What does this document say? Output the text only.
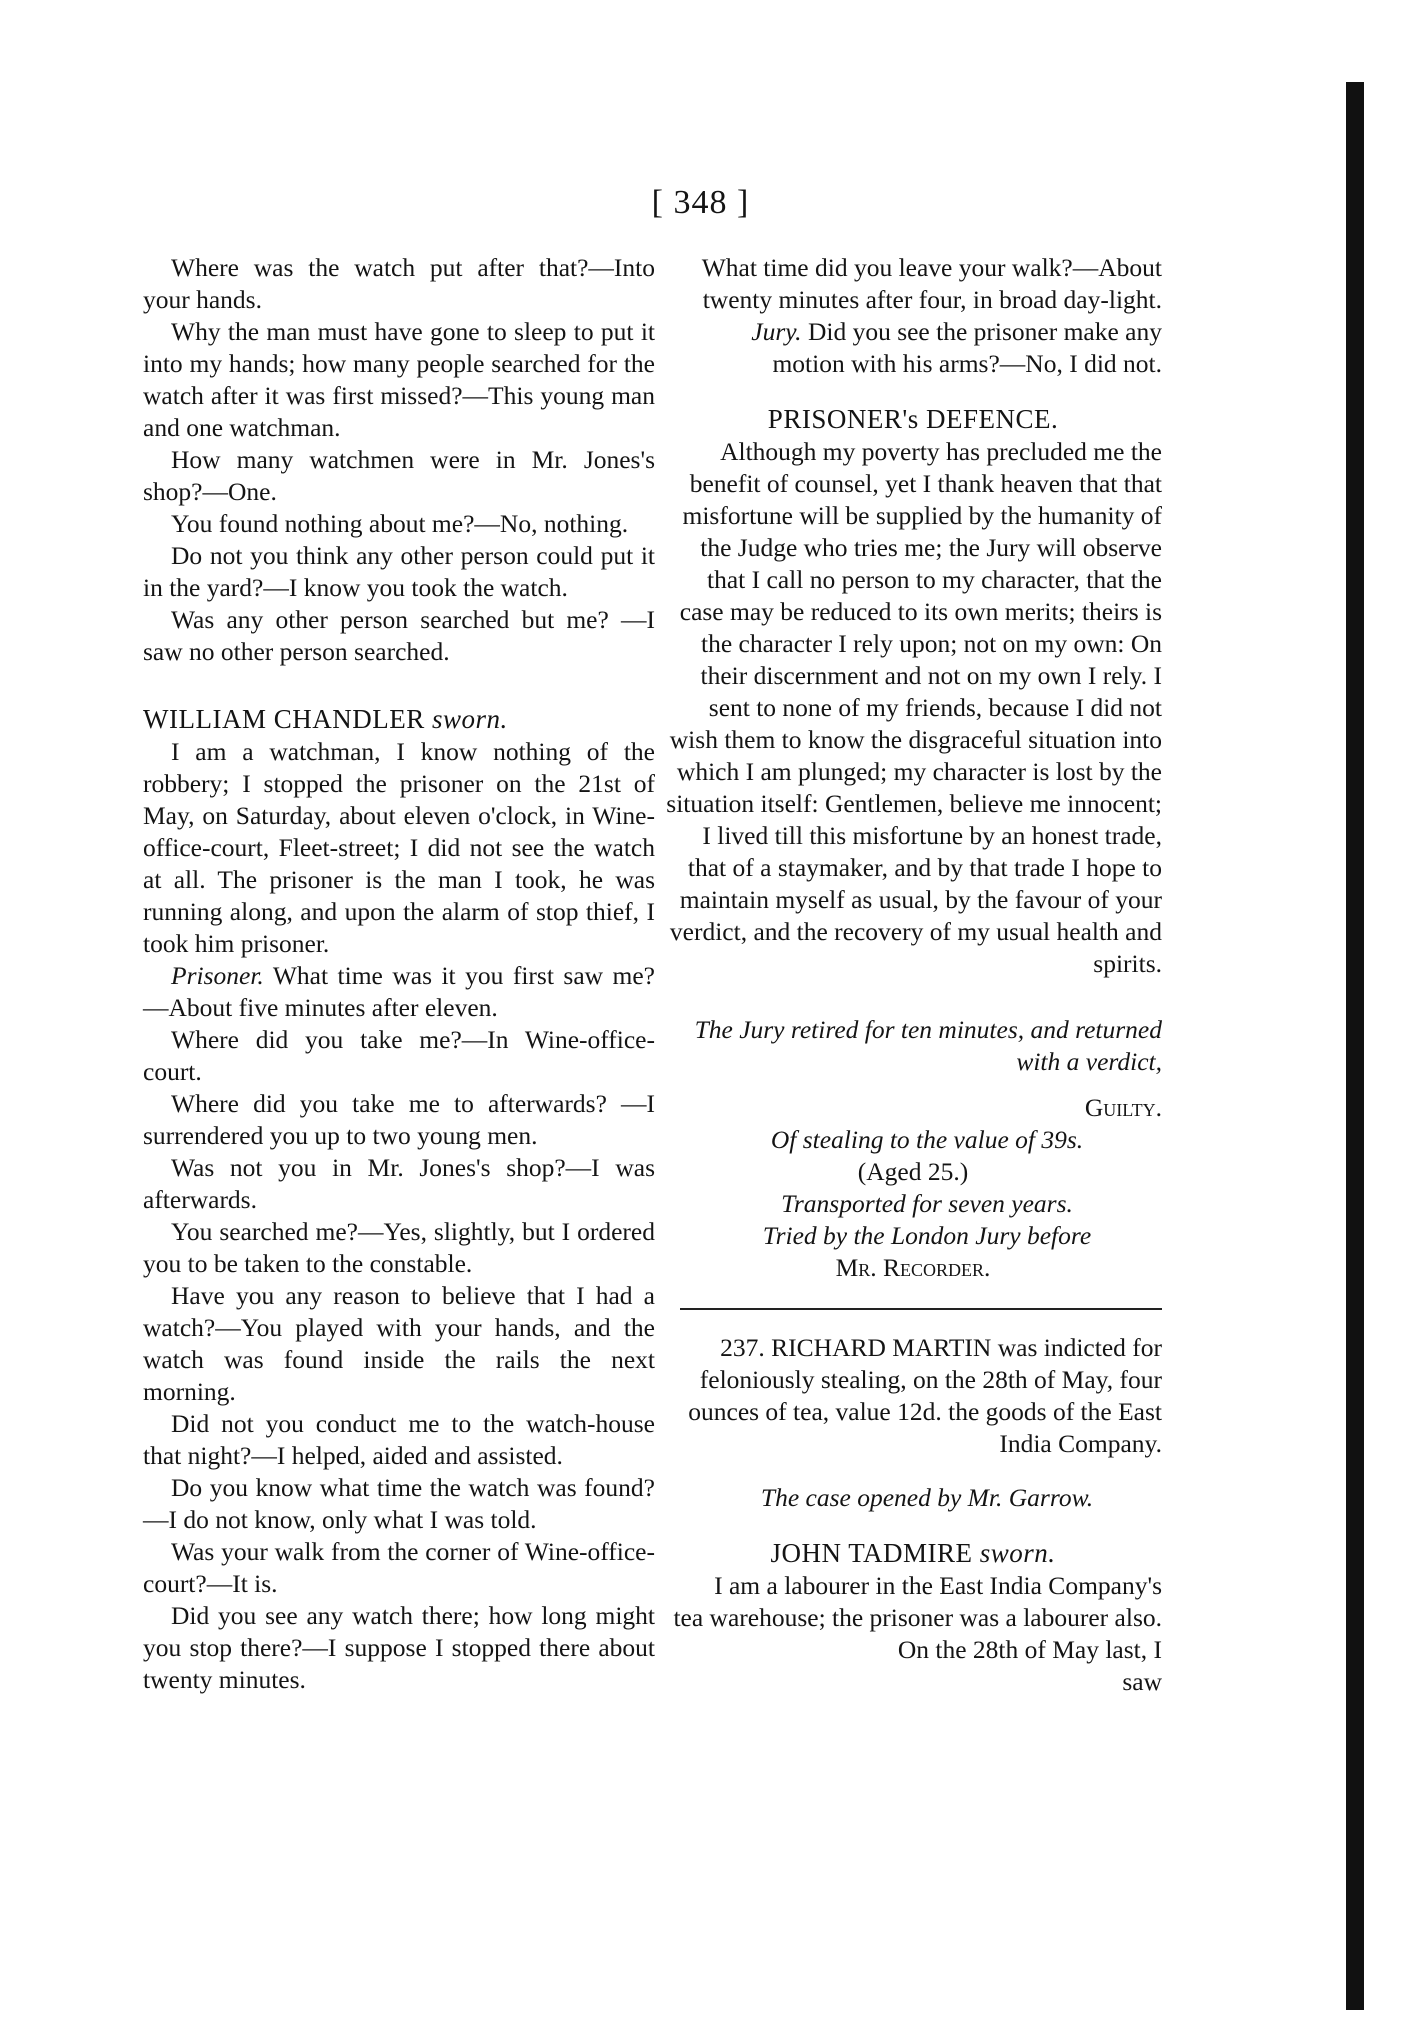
[ 348 ]

Where was the watch put after that?—Into your hands.

Why the man must have gone to sleep to put it into my hands; how many people searched for the watch after it was first missed?—This young man and one watchman.

How many watchmen were in Mr. Jones's shop?—One.

You found nothing about me?—No, nothing.

Do not you think any other person could put it in the yard?—I know you took the watch.

Was any other person searched but me? —I saw no other person searched.

WILLIAM CHANDLER sworn.

I am a watchman, I know nothing of the robbery; I stopped the prisoner on the 21st of May, on Saturday, about eleven o'clock, in Wine-office-court, Fleet-street; I did not see the watch at all. The prisoner is the man I took, he was running along, and upon the alarm of stop thief, I took him prisoner.

Prisoner. What time was it you first saw me?—About five minutes after eleven.

Where did you take me?—In Wine-office-court.

Where did you take me to afterwards? —I surrendered you up to two young men.

Was not you in Mr. Jones's shop?—I was afterwards.

You searched me?—Yes, slightly, but I ordered you to be taken to the constable.

Have you any reason to believe that I had a watch?—You played with your hands, and the watch was found inside the rails the next morning.

Did not you conduct me to the watch-house that night?—I helped, aided and assisted.

Do you know what time the watch was found?—I do not know, only what I was told.

Was your walk from the corner of Wine-office-court?—It is.

Did you see any watch there; how long might you stop there?—I suppose I stopped there about twenty minutes.

What time did you leave your walk?—About twenty minutes after four, in broad day-light.

Jury. Did you see the prisoner make any motion with his arms?—No, I did not.

PRISONER's DEFENCE.

Although my poverty has precluded me the benefit of counsel, yet I thank heaven that that misfortune will be supplied by the humanity of the Judge who tries me; the Jury will observe that I call no person to my character, that the case may be reduced to its own merits; theirs is the character I rely upon; not on my own: On their discernment and not on my own I rely. I sent to none of my friends, because I did not wish them to know the disgraceful situation into which I am plunged; my character is lost by the situation itself: Gentlemen, believe me innocent; I lived till this misfortune by an honest trade, that of a staymaker, and by that trade I hope to maintain myself as usual, by the favour of your verdict, and the recovery of my usual health and spirits.

The Jury retired for ten minutes, and returned with a verdict,

Guilty.

Of stealing to the value of 39s.

(Aged 25.)

Transported for seven years.

Tried by the London Jury before

Mr. Recorder.

237. RICHARD MARTIN was indicted for feloniously stealing, on the 28th of May, four ounces of tea, value 12d. the goods of the East India Company.

The case opened by Mr. Garrow.

JOHN TADMIRE sworn.

I am a labourer in the East India Company's tea warehouse; the prisoner was a labourer also. On the 28th of May last, I

saw
